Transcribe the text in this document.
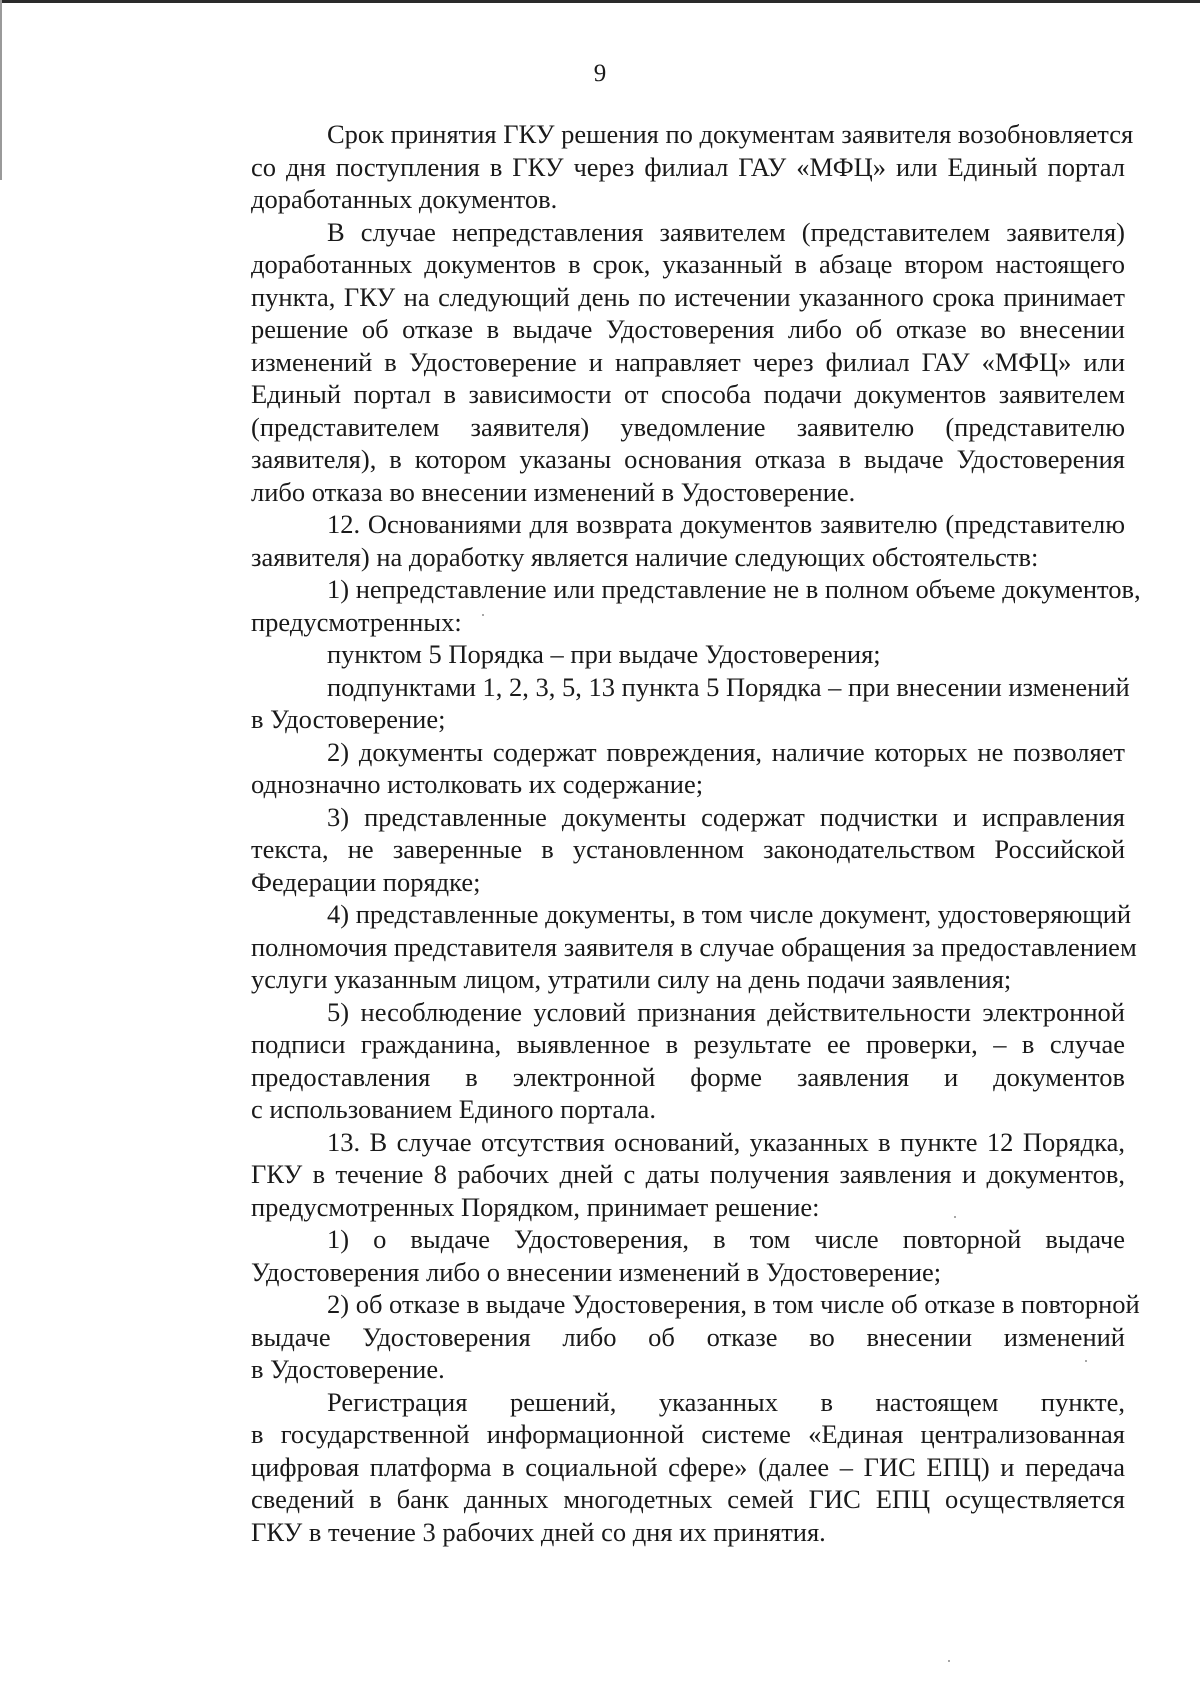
9

Срок принятия ГКУ решения по документам заявителя возобновляется
со дня поступления в ГКУ через филиал ГАУ «МФЦ» или Единый портал
доработанных документов.

В случае непредставления заявителем (представителем заявителя)
доработанных документов в срок, указанный в абзаце втором настоящего
пункта, ГКУ на следующий день по истечении указанного срока принимает
решение об отказе в выдаче Удостоверения либо об отказе во внесении
изменений в Удостоверение и направляет через филиал ГАУ «МФЦ» или
Единый портал в зависимости от способа подачи документов заявителем
(представителем заявителя) уведомление заявителю (представителю
заявителя), в котором указаны основания отказа в выдаче Удостоверения
либо отказа во внесении изменений в Удостоверение.

12. Основаниями для возврата документов заявителю (представителю
заявителя) на доработку является наличие следующих обстоятельств:

1) непредставление или представление не в полном объеме документов,
предусмотренных:

пунктом 5 Порядка – при выдаче Удостоверения;

подпунктами 1, 2, 3, 5, 13 пункта 5 Порядка – при внесении изменений
в Удостоверение;

2) документы содержат повреждения, наличие которых не позволяет
однозначно истолковать их содержание;

3) представленные документы содержат подчистки и исправления
текста, не заверенные в установленном законодательством Российской
Федерации порядке;

4) представленные документы, в том числе документ, удостоверяющий
полномочия представителя заявителя в случае обращения за предоставлением
услуги указанным лицом, утратили силу на день подачи заявления;

5) несоблюдение условий признания действительности электронной
подписи гражданина, выявленное в результате ее проверки, – в случае
предоставления в электронной форме заявления и документов
с использованием Единого портала.

13. В случае отсутствия оснований, указанных в пункте 12 Порядка,
ГКУ в течение 8 рабочих дней с даты получения заявления и документов,
предусмотренных Порядком, принимает решение:

1) о выдаче Удостоверения, в том числе повторной выдаче
Удостоверения либо о внесении изменений в Удостоверение;

2) об отказе в выдаче Удостоверения, в том числе об отказе в повторной
выдаче Удостоверения либо об отказе во внесении изменений
в Удостоверение.

Регистрация решений, указанных в настоящем пункте,
в государственной информационной системе «Единая централизованная
цифровая платформа в социальной сфере» (далее – ГИС ЕПЦ) и передача
сведений в банк данных многодетных семей ГИС ЕПЦ осуществляется
ГКУ в течение 3 рабочих дней со дня их принятия.
